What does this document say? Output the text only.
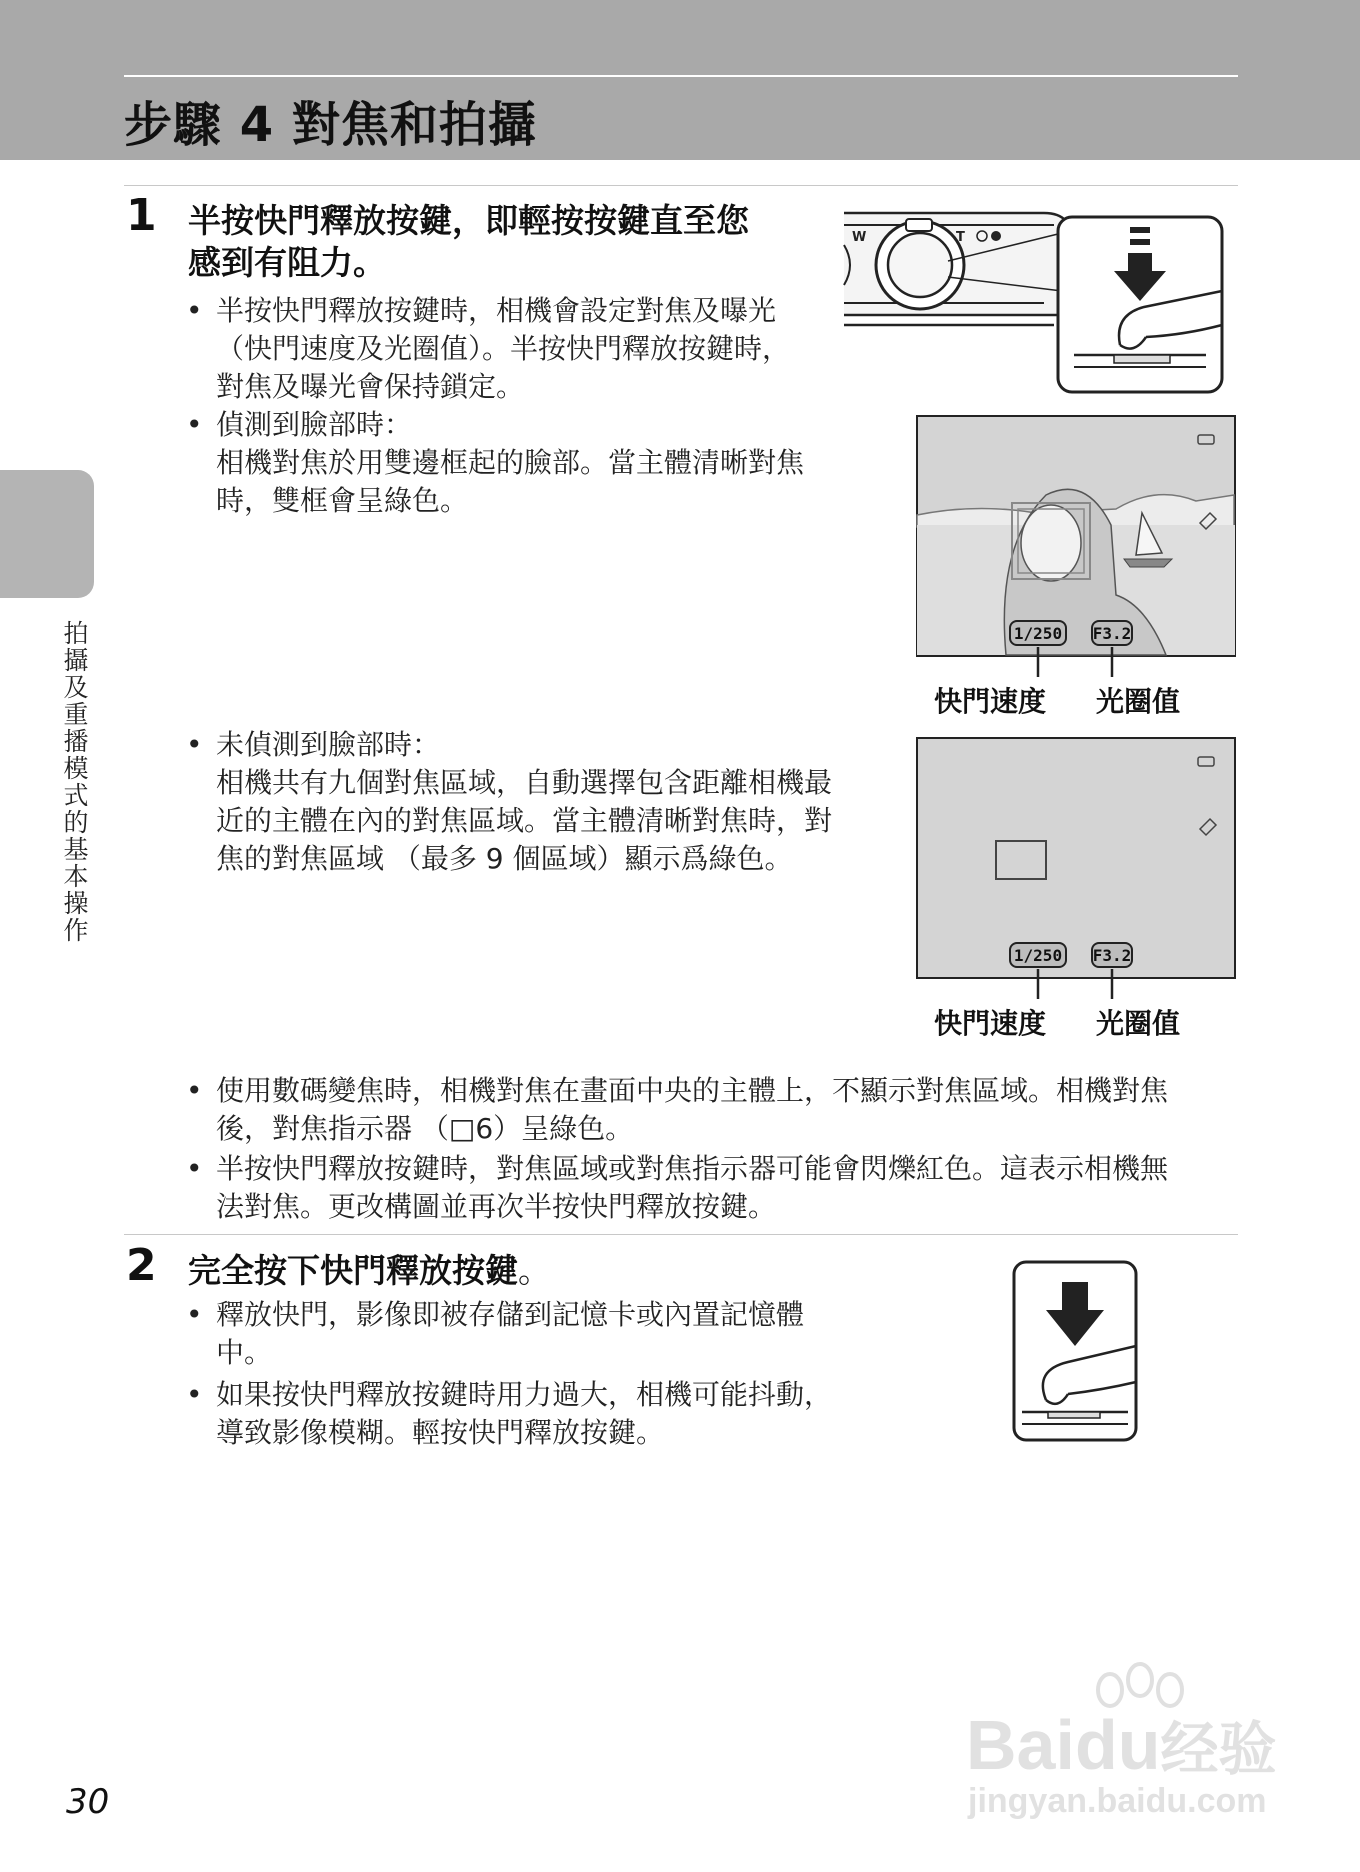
步驟 4 對焦和拍攝
拍攝及重播模式的基本操作
1 半按快門釋放按鍵，即輕按按鍵直至您
感到有阻力。
• 半按快門釋放按鍵時，相機會設定對焦及曝光
（快門速度及光圈值）。半按快門釋放按鍵時，
對焦及曝光會保持鎖定。
• 偵測到臉部時：
相機對焦於用雙邊框起的臉部。當主體清晰對焦
時，雙框會呈綠色。
• 未偵測到臉部時：
相機共有九個對焦區域，自動選擇包含距離相機最
近的主體在內的對焦區域。當主體清晰對焦時，對
焦的對焦區域 （最多 9 個區域）顯示爲綠色。
• 使用數碼變焦時，相機對焦在畫面中央的主體上，不顯示對焦區域。相機對焦
後，對焦指示器 （□6）呈綠色。
• 半按快門釋放按鍵時，對焦區域或對焦指示器可能會閃爍紅色。這表示相機無
法對焦。更改構圖並再次半按快門釋放按鍵。
W	T
1/250 F3.2
快門速度 光圈值
1/250 F3.2
快門速度 光圈值
2 完全按下快門釋放按鍵。
• 釋放快門，影像即被存儲到記憶卡或內置記憶體
中。
• 如果按快門釋放按鍵時用力過大，相機可能抖動，
導致影像模糊。輕按快門釋放按鍵。
30
Baidu经验
jingyan.baidu.com
